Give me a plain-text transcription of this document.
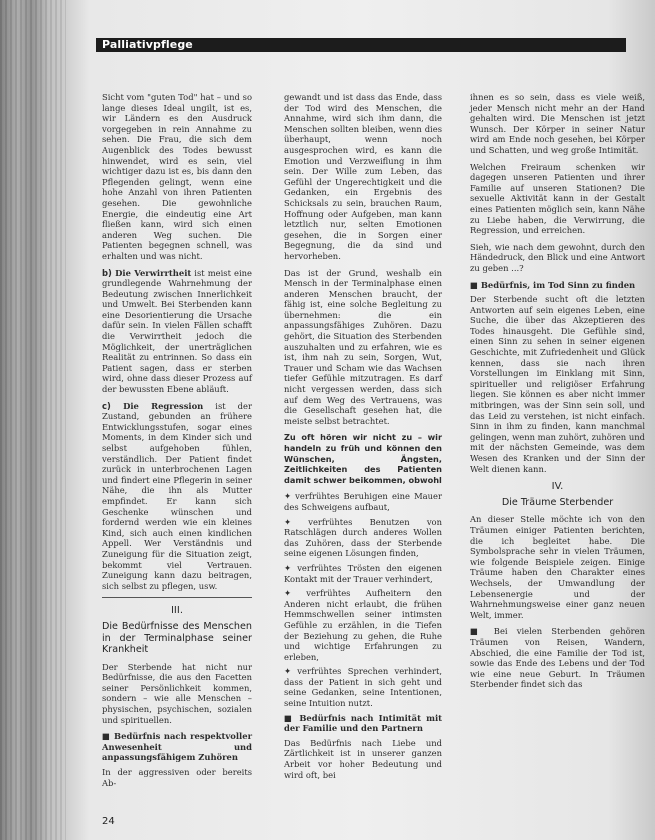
Palliativpflege

Sicht vom "guten Tod" hat – und so lange dieses Ideal ungilt, ist es, wir Ländern es den Ausdruck vorgegeben in rein Annahme zu sehen. Die Frau, die sich dem Augenblick des Todes bewusst hinwendet, wird es sein, viel wichtiger dazu ist es, bis dann den Pflegenden gelingt, wenn eine hohe Anzahl von ihren Patienten gesehen. Die gewohnliche Energie, die eindeutig eine Art fließen kann, wird sich einen anderen Weg suchen. Die Patienten begegnen schnell, was erhalten und was nicht.

b) Die Verwirrtheit ist meist eine grundlegende Wahrnehmung der Bedeutung zwischen Innerlichkeit und Umwelt. Bei Sterbenden kann eine Desorientierung die Ursache dafür sein. In vielen Fällen schafft die Verwirrtheit jedoch die Möglichkeit, der unerträglichen Realität zu entrinnen. So dass ein Patient sagen, dass er sterben wird, ohne dass dieser Prozess auf der bewussten Ebene abläuft.

c) Die Regression ist der Zustand, gebunden an frühere Entwicklungsstufen, sogar eines Moments, in dem Kinder sich und selbst aufgehoben fühlen, verständlich. Der Patient findet zurück in unterbrochenen Lagen und findert eine Pflegerin in seiner Nähe, die ihn als Mutter empfindet. Er kann sich Geschenke wünschen und fordernd werden wie ein kleines Kind, sich auch einen kindlichen Appell. Wer Verständnis und Zuneigung für die Situation zeigt, bekommt viel Vertrauen. Zuneigung kann dazu beitragen, sich selbst zu pflegen, usw.

III.
Die Bedürfnisse des Menschen in der Terminalphase seiner Krankheit

Der Sterbende hat nicht nur Bedürfnisse, die aus den Facetten seiner Persönlichkeit kommen, sondern – wie alle Menschen – physischen, psychischen, sozialen und spirituellen.

■ Bedürfnis nach respektvoller Anwesenheit und anpassungsfähigem Zuhören

In der aggressiven oder bereits Ab-

gewandt und ist dass das Ende, dass der Tod wird des Menschen, die Annahme, wird sich ihm dann, die Menschen sollten bleiben, wenn dies überhaupt, wenn noch ausgesprochen wird, es kann die Emotion und Verzweiflung in ihm sein. Der Wille zum Leben, das Gefühl der Ungerechtigkeit und die Gedanken, ein Ergebnis des Schicksals zu sein, brauchen Raum, Hoffnung oder Aufgeben, man kann letztlich nur, selten Emotionen gesehen, die in Sorgen einer Begegnung, die da sind und hervorheben.

Das ist der Grund, weshalb ein Mensch in der Terminalphase einen anderen Menschen braucht, der fähig ist, eine solche Begleitung zu übernehmen: die ein anpassungsfähiges Zuhören. Dazu gehört, die Situation des Sterbenden auszuhalten und zu erfahren, wie es ist, ihm nah zu sein, Sorgen, Wut, Trauer und Scham wie das Wachsen tiefer Gefühle mitzutragen. Es darf nicht vergessen werden, dass sich auf dem Weg des Vertrauens, was die Gesellschaft gesehen hat, die meiste selbst betrachtet.

Zu oft hören wir nicht zu – wir handeln zu früh und können den Wünschen, Ängsten, Zeitlichkeiten des Patienten damit schwer beikommen, obwohl

✦ verfrühtes Beruhigen eine Mauer des Schweigens aufbaut,

✦ verfrühtes Benutzen von Ratschlägen durch anderes Wollen das Zuhören, dass der Sterbende seine eigenen Lösungen finden,

✦ verfrühtes Trösten den eigenen Kontakt mit der Trauer verhindert,

✦ verfrühtes Aufheitern den Anderen nicht erlaubt, die frühen Hemmschwellen seiner intimsten Gefühle zu erzählen, in die Tiefen der Beziehung zu gehen, die Ruhe und wichtige Erfahrungen zu erleben,

✦ verfrühtes Sprechen verhindert, dass der Patient in sich geht und seine Gedanken, seine Intentionen, seine Intuition nutzt.

■ Bedürfnis nach Intimität mit der Familie und den Partnern

Das Bedürfnis nach Liebe und Zärtlichkeit ist in unserer ganzen Arbeit vor hoher Bedeutung und wird oft, bei

ihnen es so sein, dass es viele weiß, jeder Mensch nicht mehr an der Hand gehalten wird. Die Menschen ist jetzt Wunsch. Der Körper in seiner Natur wird am Ende noch gesehen, bei Körper und Schatten, und weg große Intimität.

Welchen Freiraum schenken wir dagegen unseren Patienten und ihrer Familie auf unseren Stationen? Die sexuelle Aktivität kann in der Gestalt eines Patienten möglich sein, kann Nähe zu Liebe haben, die Verwirrung, die Regression, und erreichen.

Sieh, wie nach dem gewohnt, durch den Händedruck, den Blick und eine Antwort zu geben ...?

■ Bedürfnis, im Tod Sinn zu finden

Der Sterbende sucht oft die letzten Antworten auf sein eigenes Leben, eine Suche, die über das Akzeptieren des Todes hinausgeht. Die Gefühle sind, einen Sinn zu sehen in seiner eigenen Geschichte, mit Zufriedenheit und Glück kennen, dass sie nach ihren Vorstellungen im Einklang mit Sinn, spiritueller und religiöser Erfahrung liegen. Sie können es aber nicht immer mitbringen, was der Sinn sein soll, und das Leid zu verstehen, ist nicht einfach. Sinn in ihm zu finden, kann manchmal gelingen, wenn man zuhört, zuhören und mit der nächsten Gemeinde, was dem Wesen des Kranken und der Sinn der Welt dienen kann.

IV.
Die Träume Sterbender

An dieser Stelle möchte ich von den Träumen einiger Patienten berichten, die ich begleitet habe. Die Symbolsprache sehr in vielen Träumen, wie folgende Beispiele zeigen. Einige Träume haben den Charakter eines Wechsels, der Umwandlung der Lebensenergie und der Wahrnehmungsweise einer ganz neuen Welt, immer.

■ Bei vielen Sterbenden gehören Träumen von Reisen, Wandern, Abschied, die eine Familie der Tod ist, sowie das Ende des Lebens und der Tod wie eine neue Geburt. In Träumen Sterbender findet sich das

24
